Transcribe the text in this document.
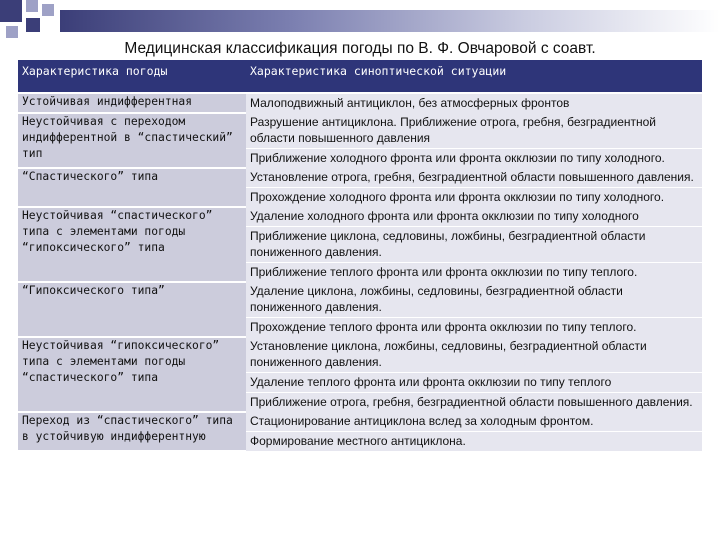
Медицинская классификация погоды по В. Ф. Овчаровой с соавт.
Характеристика погоды	Характеристика синоптической ситуации
Устойчивая индифферентная	Малоподвижный антициклон, без атмосферных фронтов

Неустойчивая с переходом индифферентной в “спастический” тип	Разрушение антициклона. Приближение отрога, гребня, безградиентной области повышенного давления
Приближение холодного фронта или фронта окклюзии по типу холодного.

“Спастического” типа	Установление отрога, гребня, безградиентной области повышенного давления.
Прохождение холодного фронта или фронта окклюзии по типу холодного.

Неустойчивая “спастического” типа с элементами погоды “гипоксического” типа	Удаление холодного фронта или фронта окклюзии по типу холодного
Приближение циклона, седловины, ложбины, безградиентной области пониженного давления.
Приближение теплого фронта или фронта окклюзии по типу теплого.

“Гипоксического типа”	Удаление циклона, ложбины, седловины, безградиентной области пониженного давления.
Прохождение теплого фронта или фронта окклюзии по типу теплого.

Неустойчивая “гипоксического” типа с элементами погоды “спастического” типа	Установление циклона, ложбины, седловины, безградиентной области пониженного давления.
Удаление теплого фронта или фронта окклюзии по типу теплого
Приближение отрога, гребня, безградиентной области повышенного давления.

Переход из “спастического” типа в устойчивую индифферентную	Стационирование антициклона вслед за холодным фронтом.
Формирование местного антициклона.
